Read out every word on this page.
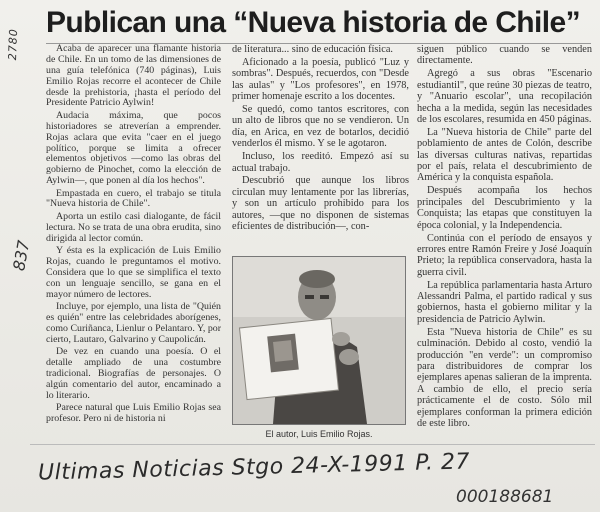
Publican una “Nueva historia de Chile”

Acaba de aparecer una flamante historia de Chile. En un tomo de las dimensiones de una guía telefónica (740 páginas), Luis Emilio Rojas recorre el acontecer de Chile desde la prehistoria, ¡hasta el período del Presidente Patricio Aylwin!

Audacia máxima, que pocos historiadores se atreverían a emprender. Rojas aclara que evita "caer en el juego político, porque se limita a ofrecer elementos objetivos —como las obras del gobierno de Pinochet, como la elección de Aylwin—, que ponen al día los hechos".

Empastada en cuero, el trabajo se titula "Nueva historia de Chile".

Aporta un estilo casi dialogante, de fácil lectura. No se trata de una obra erudita, sino dirigida al lector común.

Y ésta es la explicación de Luis Emilio Rojas, cuando le preguntamos el motivo. Considera que lo que se simplifica el texto con un lenguaje sencillo, se gana en el mayor número de lectores.

Incluye, por ejemplo, una lista de "Quién es quién" entre las celebridades aborígenes, como Curiñanca, Lienlur o Pelantaro. Y, por cierto, Lautaro, Galvarino y Caupolicán.

De vez en cuando una poesía. O el detalle ampliado de una costumbre tradicional. Biografías de personajes. O algún comentario del autor, encaminado a lo literario.

Parece natural que Luis Emilio Rojas sea profesor. Pero ni de historia ni

de literatura... sino de educación física.

Aficionado a la poesía, publicó "Luz y sombras". Después, recuerdos, con "Desde las aulas" y "Los profesores", en 1978, primer homenaje escrito a los docentes.

Se quedó, como tantos escritores, con un alto de libros que no se vendieron. Un día, en Arica, en vez de botarlos, decidió venderlos él mismo. Y se le agotaron.

Incluso, los reeditó. Empezó así su actual trabajo.

Descubrió que aunque los libros circulan muy lentamente por las librerías, y son un artículo prohibido para los autores, —que no disponen de sistemas eficientes de distribución—, con-

El autor, Luis Emilio Rojas.

siguen público cuando se venden directamente.

Agregó a sus obras "Escenario estudiantil", que reúne 30 piezas de teatro, y "Anuario escolar", una recopilación hecha a la medida, según las necesidades de los escolares, resumida en 450 páginas.

La "Nueva historia de Chile" parte del poblamiento de antes de Colón, describe las diversas culturas nativas, repartidas por el país, relata el descubrimiento de América y la conquista española.

Después acompaña los hechos principales del Descubrimiento y la Conquista; las etapas que constituyen la época colonial, y la Independencia.

Continúa con el período de ensayos y errores entre Ramón Freire y José Joaquín Prieto; la república conservadora, hasta la guerra civil.

La república parlamentaria hasta Arturo Alessandri Palma, el partido radical y sus gobiernos, hasta el gobierno militar y la presidencia de Patricio Aylwin.

Esta "Nueva historia de Chile" es su culminación. Debido al costo, vendió la producción "en verde": un compromiso para distribuidores de comprar los ejemplares apenas salieran de la imprenta. A cambio de ello, el precio sería prácticamente el de costo. Sólo mil ejemplares conforman la primera edición de este libro.

2780
837
Ultimas Noticias Stgo 24-X-1991 P. 27
000188681
